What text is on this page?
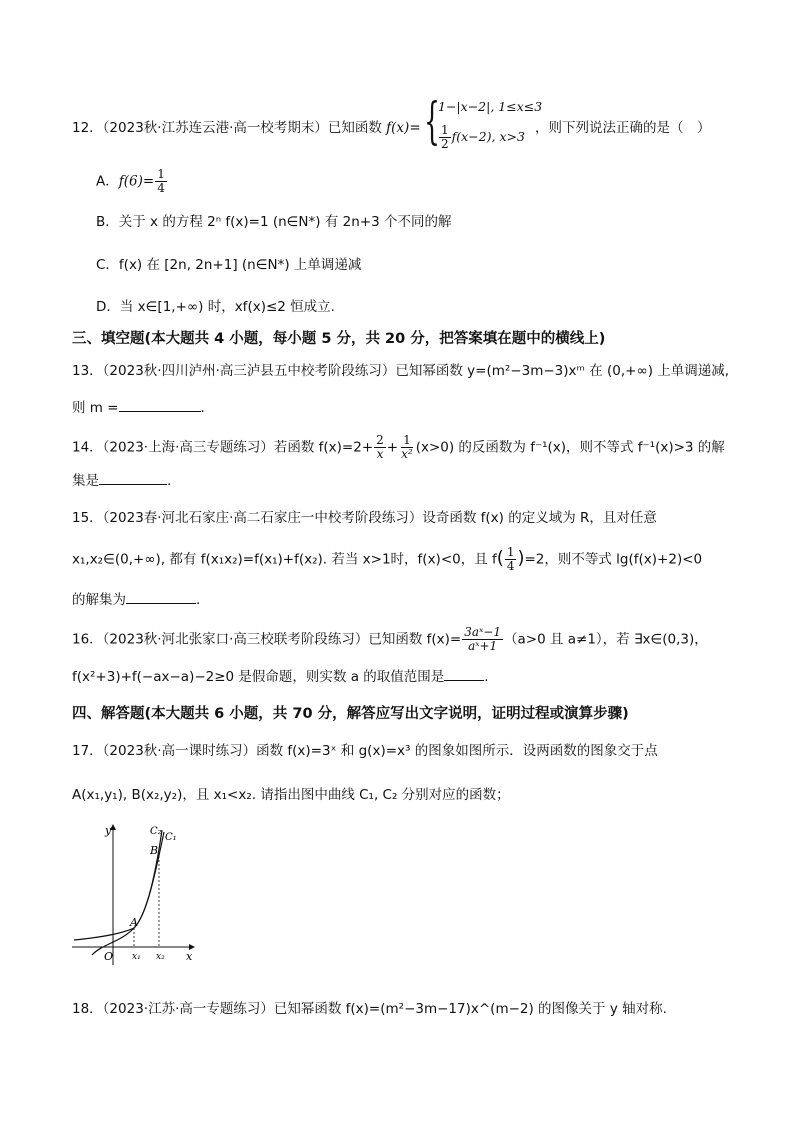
12．（2023秋·江苏连云港·高一校考期末）已知函数 f(x)= {
1−|x−2|, 1≤x≤3
$\frac{1}{2} f(x-2)$, x>3
，则下列说法正确的是（　）
A．$f(6)= \frac{1}{4}$
B．关于 x 的方程 2ⁿ f(x)=1 (n∈N*) 有 2n+3 个不同的解
C．f(x) 在 [2n, 2n+1] (n∈N*) 上单调递减
D．当 x∈[1,+∞) 时，xf(x)≤2 恒成立.
三、填空题(本大题共 4 小题，每小题 5 分，共 20 分，把答案填在题中的横线上)
13．（2023秋·四川泸州·高三泸县五中校考阶段练习）已知幂函数 y=(m²−3m−3)xᵐ 在 (0,+∞) 上单调递减,
则 m =	.
14．（2023·上海·高三专题练习）若函数 $f(x)=2+ \frac{2}{x} + \frac{1}{\text{x²}} (x>0)$ 的反函数为 f⁻¹(x)，则不等式 f⁻¹(x)>3 的解
集是	.
15．（2023春·河北石家庄·高二石家庄一中校考阶段练习）设奇函数 f(x) 的定义域为 R，且对任意
x₁,x₂∈(0,+∞), 都有 f(x₁x₂)=f(x₁)+f(x₂). 若当 x>1时，f(x)<0，且 $f( \frac{1}{4} )=2$，则不等式 lg(f(x)+2)<0
的解集为	.
16．（2023秋·河北张家口·高三校联考阶段练习）已知函数 $f(x)= \frac{\text{3aˣ−1}}{\text{aˣ+1}} (a>0$ 且 a≠1），若 ∃x∈(0,3)，
f(x²+3)+f(−ax−a)−2≥0 是假命题，则实数 a 的取值范围是	.
四、解答题(本大题共 6 小题，共 70 分，解答应写出文字说明，证明过程或演算步骤)
17．（2023秋·高一课时练习）函数 f(x)=3ˣ 和 g(x)=x³ 的图象如图所示．设两函数的图象交于点
A(x₁,y₁), B(x₂,y₂)，且 x₁<x₂. 请指出图中曲线 C₁, C₂ 分别对应的函数；
y
x
O
A
B
C₂
C₁
x₁ x₂
18．（2023·江苏·高一专题练习）已知幂函数 f(x)=(m²−3m−17)x^(m−2) 的图像关于 y 轴对称.
